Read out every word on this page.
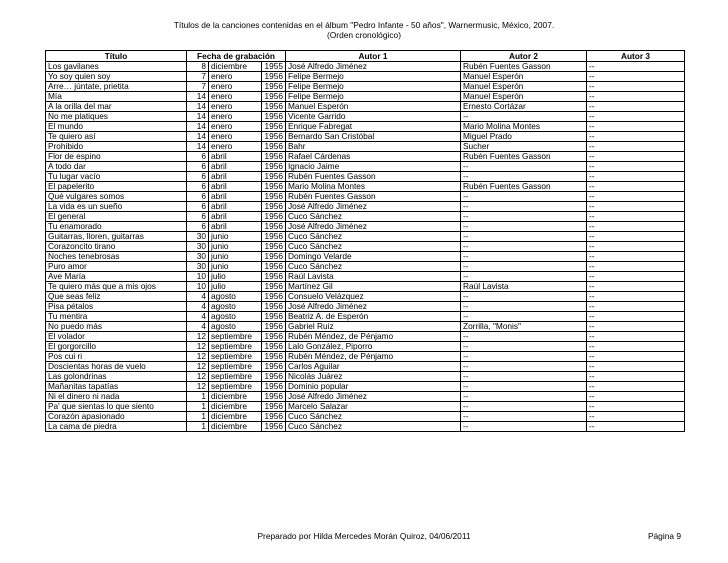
Títulos de la canciones contenidas en el álbum "Pedro Infante - 50 años", Warnermusic, México, 2007.
(Orden cronológico)
Título	Fecha de grabación			Autor 1	Autor 2	Autor 3
Los gavilanes	8	diciembre	1955	José Alfredo Jiménez	Rubén Fuentes Gasson	--
Yo soy quien soy	7	enero	1956	Felipe Bermejo	Manuel Esperón	--
Arre… júntate, prietita	7	enero	1956	Felipe Bermejo	Manuel Esperón	--
Mía	14	enero	1956	Felipe Bermejo	Manuel Esperón	--
A la orilla del mar	14	enero	1956	Manuel Esperón	Ernesto Cortázar	--
No me platiques	14	enero	1956	Vicente Garrido	--	--
El mundo	14	enero	1956	Enrique Fabregat	Mario Molina Montes	--
Te quiero así	14	enero	1956	Bernardo San Cristóbal	Miguel Prado	--
Prohibido	14	enero	1956	Bahr	Sucher	--
Flor de espino	6	abril	1956	Rafael Cárdenas	Rubén Fuentes Gasson	--
A todo dar	6	abril	1956	Ignacio Jaime	--	--
Tu lugar vacío	6	abril	1956	Rubén Fuentes Gasson	--	--
El papelerito	6	abril	1956	Mario Molina Montes	Rubén Fuentes Gasson	--
Qué vulgares somos	6	abril	1956	Rubén Fuentes Gasson	--	--
La vida es un sueño	6	abril	1956	José Alfredo Jiménez	--	--
El general	6	abril	1956	Cuco Sánchez	--	--
Tu enamorado	6	abril	1956	José Alfredo Jiménez	--	--
Guitarras, lloren, guitarras	30	junio	1956	Cuco Sánchez	--	--
Corazoncito tirano	30	junio	1956	Cuco Sánchez	--	--
Noches tenebrosas	30	junio	1956	Domingo Velarde	--	--
Puro amor	30	junio	1956	Cuco Sánchez	--	--
Ave María	10	julio	1956	Raúl Lavista	--	--
Te quiero más que a mis ojos	10	julio	1956	Martínez Gil	Raúl Lavista	--
Que seas feliz	4	agosto	1956	Consuelo Velázquez	--	--
Pisa pétalos	4	agosto	1956	José Alfredo Jiménez	--	--
Tu mentira	4	agosto	1956	Beatriz A. de Esperón	--	--
No puedo más	4	agosto	1956	Gabriel Ruiz	Zorrilla, "Monis"	--
El volador	12	septiembre	1956	Rubén Méndez, de Pénjamo	--	--
El gorgorcillo	12	septiembre	1956	Lalo González, Piporro	--	--
Pos cui ri	12	septiembre	1956	Rubén Méndez, de Pénjamo	--	--
Doscientas horas de vuelo	12	septiembre	1956	Carlos Aguilar	--	--
Las golondrinas	12	septiembre	1956	Nicolás Juárez	--	--
Mañanitas tapatías	12	septiembre	1956	Dominio popular	--	--
Ni el dinero ni nada	1	diciembre	1956	José Alfredo Jiménez	--	--
Pa' que sientas lo que siento	1	diciembre	1956	Marcelo Salazar	--	--
Corazón apasionado	1	diciembre	1956	Cuco Sánchez	--	--
La cama de piedra	1	diciembre	1956	Cuco Sánchez	--	--
Preparado por Hilda Mercedes Morán Quiroz, 04/06/2011	Página 9
